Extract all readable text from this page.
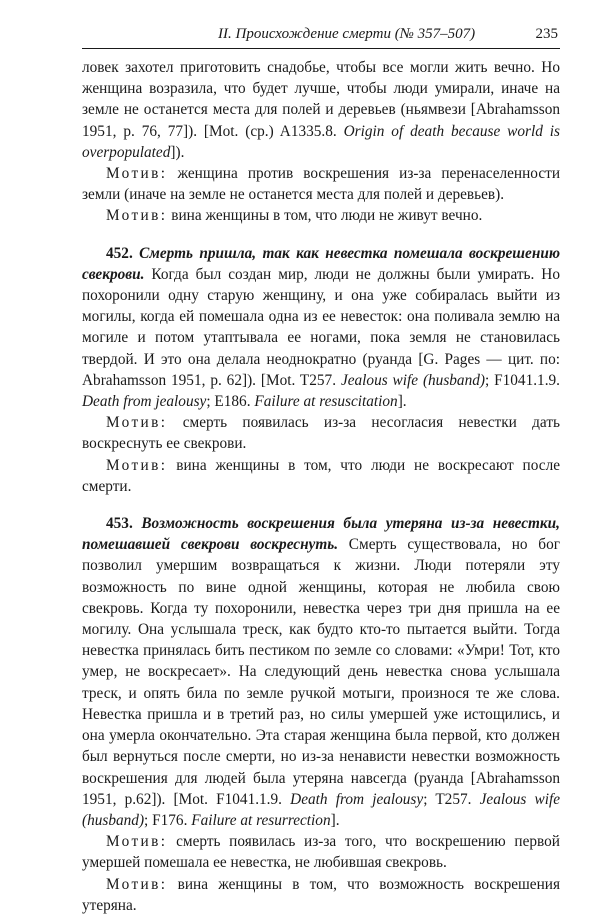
II. Происхождение смерти (№ 357–507)	235

ловек захотел приготовить снадобье, чтобы все могли жить вечно. Но женщина возразила, что будет лучше, чтобы люди умирали, иначе на земле не останется места для полей и деревьев (ньямвези [Abrahamsson 1951, p. 76, 77]). [Mot. (cp.) A1335.8. Origin of death because world is overpopulated]).

Мотив: женщина против воскрешения из-за перенаселенности земли (иначе на земле не останется места для полей и деревьев).

Мотив: вина женщины в том, что люди не живут вечно.

452. Смерть пришла, так как невестка помешала воскрешению свекрови. Когда был создан мир, люди не должны были умирать. Но похоронили одну старую женщину, и она уже собиралась выйти из могилы, когда ей помешала одна из ее невесток: она поливала землю на могиле и потом утаптывала ее ногами, пока земля не становилась твердой. И это она делала неоднократно (руанда [G. Pages — цит. по: Abrahamsson 1951, p. 62]). [Mot. T257. Jealous wife (husband); F1041.1.9. Death from jealousy; E186. Failure at resuscitation].

Мотив: смерть появилась из-за несогласия невестки дать воскреснуть ее свекрови.

Мотив: вина женщины в том, что люди не воскресают после смерти.

453. Возможность воскрешения была утеряна из-за невестки, помешавшей свекрови воскреснуть. Смерть существовала, но бог позволил умершим возвращаться к жизни. Люди потеряли эту возможность по вине одной женщины, которая не любила свою свекровь. Когда ту похоронили, невестка через три дня пришла на ее могилу. Она услышала треск, как будто кто-то пытается выйти. Тогда невестка принялась бить пестиком по земле со словами: «Умри! Тот, кто умер, не воскресает». На следующий день невестка снова услышала треск, и опять била по земле ручкой мотыги, произнося те же слова. Невестка пришла и в третий раз, но силы умершей уже истощились, и она умерла окончательно. Эта старая женщина была первой, кто должен был вернуться после смерти, но из-за ненависти невестки возможность воскрешения для людей была утеряна навсегда (руанда [Abrahamsson 1951, p.62]). [Mot. F1041.1.9. Death from jealousy; T257. Jealous wife (husband); F176. Failure at resurrection].

Мотив: смерть появилась из-за того, что воскрешению первой умершей помешала ее невестка, не любившая свекровь.

Мотив: вина женщины в том, что возможность воскрешения утеряна.
